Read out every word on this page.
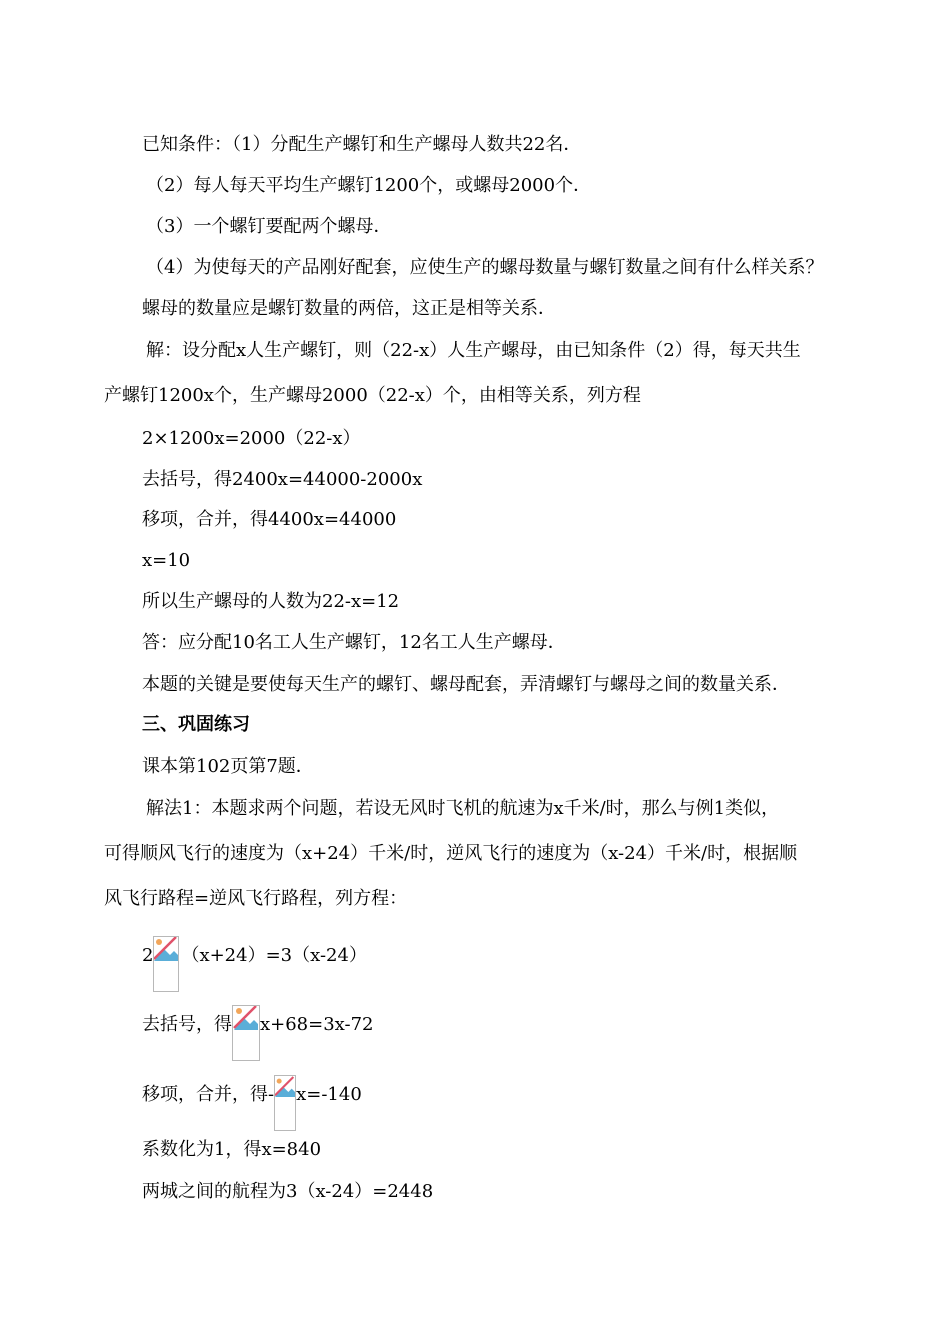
已知条件：（1）分配生产螺钉和生产螺母人数共22名．
（2）每人每天平均生产螺钉1200个，或螺母2000个．
（3）一个螺钉要配两个螺母．
（4）为使每天的产品刚好配套，应使生产的螺母数量与螺钉数量之间有什么样关系？
螺母的数量应是螺钉数量的两倍，这正是相等关系．
解：设分配x人生产螺钉，则（22-x）人生产螺母，由已知条件（2）得，每天共生
产螺钉1200x个，生产螺母2000（22-x）个，由相等关系，列方程
2×1200x=2000（22-x）
去括号，得2400x=44000-2000x
移项，合并，得4400x=44000
x=10
所以生产螺母的人数为22-x=12
答：应分配10名工人生产螺钉，12名工人生产螺母．
本题的关键是要使每天生产的螺钉、螺母配套，弄清螺钉与螺母之间的数量关系．
三、巩固练习
课本第102页第7题．
解法1：本题求两个问题，若设无风时飞机的航速为x千米/时，那么与例1类似，
可得顺风飞行的速度为（x+24）千米/时，逆风飞行的速度为（x-24）千米/时，根据顺
风飞行路程=逆风飞行路程，列方程：
2 （x+24）=3（x-24）
去括号，得 x+68=3x-72
移项，合并，得- x=-140
系数化为1，得x=840
两城之间的航程为3（x-24）=2448
